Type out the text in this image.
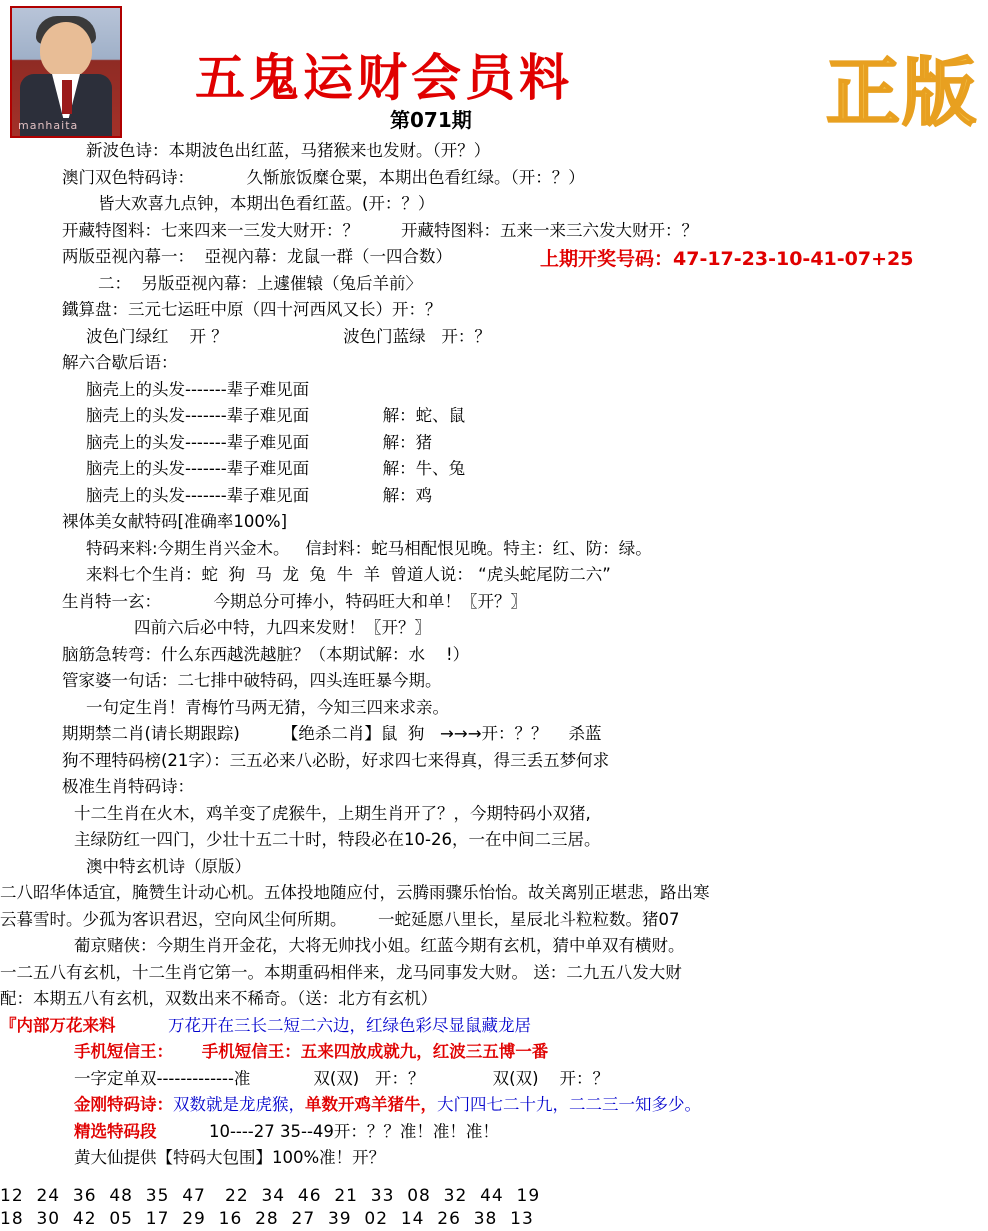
manhaita
五鬼运财会员料
第071期	正版
上期开奖号码：47-17-23-10-41-07+25
新波色诗：本期波色出红蓝，马猪猴来也发财。（开？）
澳门双色特码诗：          久惭旅饭糜仓粟，本期出色看红绿。（开：？）
皆大欢喜九点钟，本期出色看红蓝。(开：？）
开藏特图料：七来四来一三发大财开：？        开藏特图料：五来一来三六发大财开：？
两版亞视內幕一：  亞视內幕：龙鼠一群（一四合数）
二：  另版亞视內幕：上遽催辕（兔后羊前〉
鐵算盘：三元七运旺中原（四十河西风又长）开：？
波色门绿红    开 ？                      波色门蓝绿   开：？
解六合歇后语：
脑壳上的头发-------辈子难见面
脑壳上的头发-------辈子难见面              解：蛇、鼠
脑壳上的头发-------辈子难见面              解：猪
脑壳上的头发-------辈子难见面              解：牛、兔
脑壳上的头发-------辈子难见面              解：鸡
裸体美女献特码[准确率100%]
特码来料:今期生肖兴金木。   信封料：蛇马相配恨见晚。特主：红、防：绿。
来料七个生肖：蛇  狗  马  龙  兔  牛  羊  曾道人说： “虎头蛇尾防二六”
生肖特一玄：          今期总分可捧小，特码旺大和单！〖开？〗
四前六后必中特，九四来发财！〖开？〗
脑筋急转弯：什么东西越洗越脏？（本期试解：水    !）
管家婆一句话：二七排中破特码，四头连旺暴今期。
一句定生肖！青梅竹马两无猜，今知三四来求亲。
期期禁二肖(请长期跟踪)        【绝杀二肖】鼠  狗   →→→开：？？    杀蓝
狗不理特码榜(21字）：三五必来八必盼，好求四七来得真，得三丢五梦何求
极准生肖特码诗：
十二生肖在火木，鸡羊变了虎猴牛，上期生肖开了？，今期特码小双猪,
主绿防红一四门，少壮十五二十时，特段必在10-26，一在中间二三居。
澳中特玄机诗（原版）
二八昭华体适宜，腌赞生计动心机。五体投地随应付，云腾雨骤乐怡怡。故关离别正堪悲，路出寒
云暮雪时。少孤为客识君迟，空向风尘何所期。      一蛇延愿八里长，星辰北斗粒粒数。猪07
葡京赌侠：今期生肖开金花，大将无帅找小姐。红蓝今期有玄机，猜中单双有横财。
一二五八有玄机，十二生肖它第一。本期重码相伴来，龙马同事发大财。 送：二九五八发大财
配：本期五八有玄机，双数出来不稀奇。（送：北方有玄机）
『内部万花来料          万花开在三长二短二六边，红绿色彩尽显鼠藏龙居
手机短信王：     手机短信王：五来四放成就九，红波三五博一番
一字定单双-------------准            双(双)   开：？             双(双)    开：？
金刚特码诗：双数就是龙虎猴，单数开鸡羊猪牛，大门四七二十九，二二三一知多少。
精选特码段          10----27 35--49开：？？准！准！准！
黄大仙提供【特码大包围】100%准！开？
12  24  36  48  35  47   22  34  46  21  33  08  32  44  19
18  30  42  05  17  29  16  28  27  39  02  14  26  38  13
